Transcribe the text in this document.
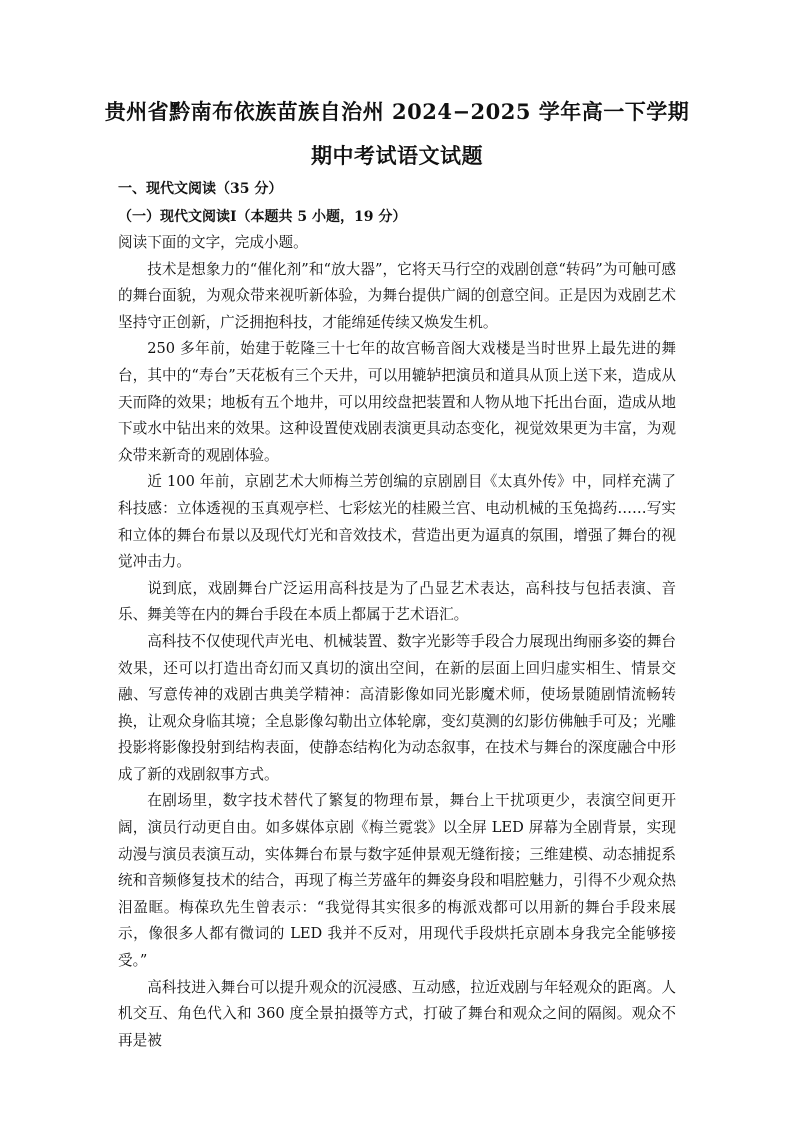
贵州省黔南布依族苗族自治州 2024−2025 学年高一下学期
期中考试语文试题
一、现代文阅读（35 分）
（一）现代文阅读Ⅰ（本题共 5 小题，19 分）

阅读下面的文字，完成小题。

技术是想象力的“催化剂”和“放大器”，它将天马行空的戏剧创意“转码”为可触可感的舞台面貌，为观众带来视听新体验，为舞台提供广阔的创意空间。正是因为戏剧艺术坚持守正创新，广泛拥抱科技，才能绵延传续又焕发生机。

250 多年前，始建于乾隆三十七年的故宫畅音阁大戏楼是当时世界上最先进的舞台，其中的“寿台”天花板有三个天井，可以用辘轳把演员和道具从顶上送下来，造成从天而降的效果；地板有五个地井，可以用绞盘把装置和人物从地下托出台面，造成从地下或水中钻出来的效果。这种设置使戏剧表演更具动态变化，视觉效果更为丰富，为观众带来新奇的观剧体验。

近 100 年前，京剧艺术大师梅兰芳创编的京剧剧目《太真外传》中，同样充满了科技感：立体透视的玉真观亭栏、七彩炫光的桂殿兰宫、电动机械的玉兔捣药……写实和立体的舞台布景以及现代灯光和音效技术，营造出更为逼真的氛围，增强了舞台的视觉冲击力。

说到底，戏剧舞台广泛运用高科技是为了凸显艺术表达，高科技与包括表演、音乐、舞美等在内的舞台手段在本质上都属于艺术语汇。

高科技不仅使现代声光电、机械装置、数字光影等手段合力展现出绚丽多姿的舞台效果，还可以打造出奇幻而又真切的演出空间，在新的层面上回归虚实相生、情景交融、写意传神的戏剧古典美学精神：高清影像如同光影魔术师，使场景随剧情流畅转换，让观众身临其境；全息影像勾勒出立体轮廓，变幻莫测的幻影仿佛触手可及；光雕投影将影像投射到结构表面，使静态结构化为动态叙事，在技术与舞台的深度融合中形成了新的戏剧叙事方式。

在剧场里，数字技术替代了繁复的物理布景，舞台上干扰项更少，表演空间更开阔，演员行动更自由。如多媒体京剧《梅兰霓裳》以全屏 LED 屏幕为全剧背景，实现动漫与演员表演互动，实体舞台布景与数字延伸景观无缝衔接；三维建模、动态捕捉系统和音频修复技术的结合，再现了梅兰芳盛年的舞姿身段和唱腔魅力，引得不少观众热泪盈眶。梅葆玖先生曾表示：“我觉得其实很多的梅派戏都可以用新的舞台手段来展示，像很多人都有微词的 LED 我并不反对，用现代手段烘托京剧本身我完全能够接受。”

高科技进入舞台可以提升观众的沉浸感、互动感，拉近戏剧与年轻观众的距离。人机交互、角色代入和 360 度全景拍摄等方式，打破了舞台和观众之间的隔阂。观众不再是被
